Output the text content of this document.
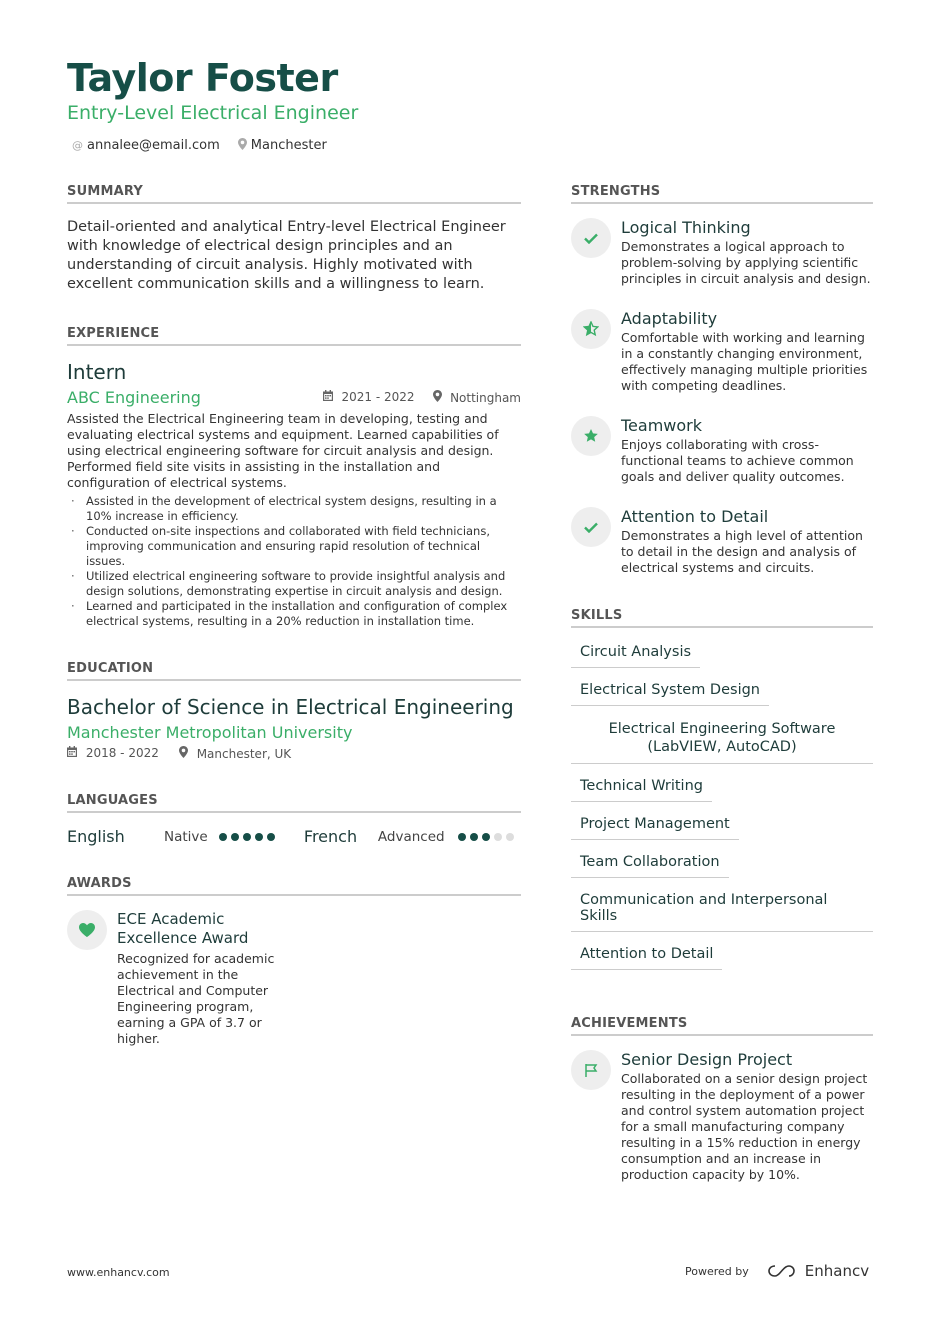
Taylor Foster
Entry-Level Electrical Engineer
@ annalee@email.com Manchester
SUMMARY

Detail-oriented and analytical Entry-level Electrical Engineer with knowledge of electrical design principles and an understanding of circuit analysis. Highly motivated with excellent communication skills and a willingness to learn.

EXPERIENCE
Intern
ABC Engineering	2021 - 2022	Nottingham

Assisted the Electrical Engineering team in developing, testing and evaluating electrical systems and equipment. Learned capabilities of using electrical engineering software for circuit analysis and design. Performed field site visits in assisting in the installation and configuration of electrical systems.

· Assisted in the development of electrical system designs, resulting in a 10% increase in efficiency.
· Conducted on-site inspections and collaborated with field technicians, improving communication and ensuring rapid resolution of technical issues.
· Utilized electrical engineering software to provide insightful analysis and design solutions, demonstrating expertise in circuit analysis and design.
· Learned and participated in the installation and configuration of complex electrical systems, resulting in a 20% reduction in installation time.
EDUCATION
Bachelor of Science in Electrical Engineering
Manchester Metropolitan University
2018 - 2022	Manchester, UK
LANGUAGES
English	Native	French	Advanced
AWARDS
ECE Academic Excellence Award
Recognized for academic achievement in the Electrical and Computer Engineering program, earning a GPA of 3.7 or higher.
STRENGTHS
Logical Thinking
Demonstrates a logical approach to problem-solving by applying scientific principles in circuit analysis and design.
Adaptability
Comfortable with working and learning in a constantly changing environment, effectively managing multiple priorities with competing deadlines.
Teamwork
Enjoys collaborating with cross-functional teams to achieve common goals and deliver quality outcomes.
Attention to Detail
Demonstrates a high level of attention to detail in the design and analysis of electrical systems and circuits.
SKILLS
Circuit Analysis
Electrical System Design
Electrical Engineering Software (LabVIEW, AutoCAD)
Technical Writing
Project Management
Team Collaboration
Communication and Interpersonal Skills
Attention to Detail
ACHIEVEMENTS
Senior Design Project
Collaborated on a senior design project resulting in the deployment of a power and control system automation project for a small manufacturing company resulting in a 15% reduction in energy consumption and an increase in production capacity by 10%.
www.enhancv.com	Powered by	Enhancv
